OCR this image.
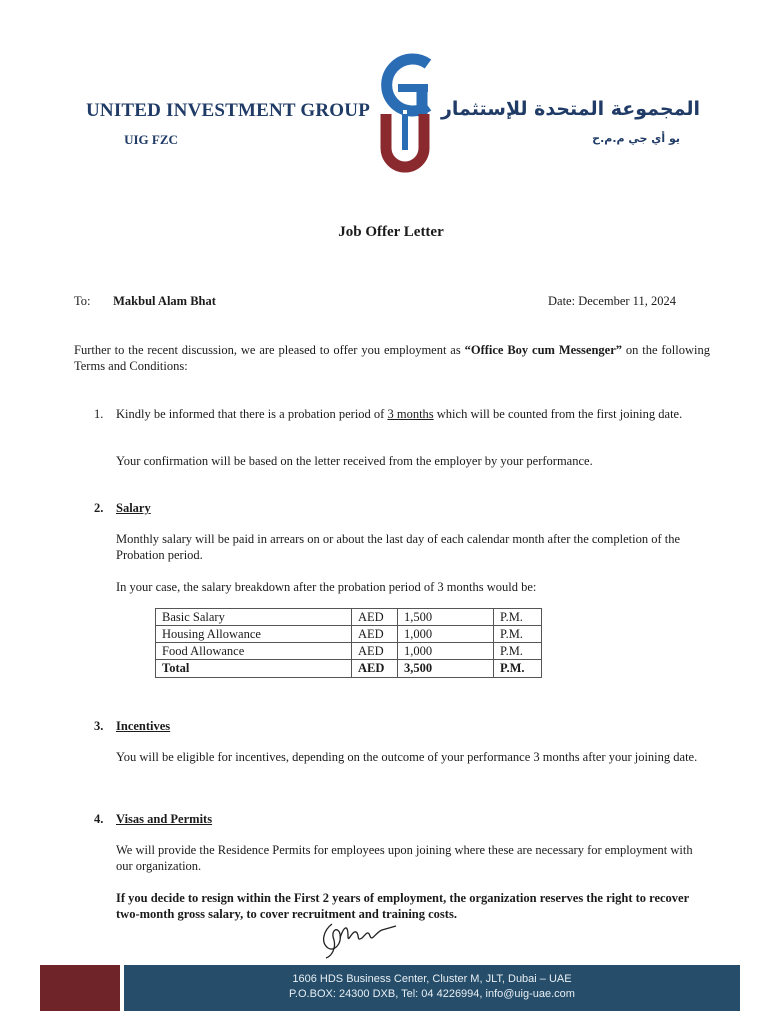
UNITED INVESTMENT GROUP
UIG FZC
المجموعة المتحدة للإستثمار
يو أي جي م.م.ح
Job Offer Letter
To: Makbul Alam Bhat	Date: December 11, 2024
Further to the recent discussion, we are pleased to offer you employment as “Office Boy cum Messenger” on the following Terms and Conditions:
1.	Kindly be informed that there is a probation period of 3 months which will be counted from the first joining date.
Your confirmation will be based on the letter received from the employer by your performance.
2.	Salary
Monthly salary will be paid in arrears on or about the last day of each calendar month after the completion of the Probation period.
In your case, the salary breakdown after the probation period of 3 months would be:
Basic Salary	AED	1,500	P.M.
Housing Allowance	AED	1,000	P.M.
Food Allowance	AED	1,000	P.M.
Total	AED	3,500	P.M.
3.	Incentives
You will be eligible for incentives, depending on the outcome of your performance 3 months after your joining date.
4.	Visas and Permits
We will provide the Residence Permits for employees upon joining where these are necessary for employment with our organization.
If you decide to resign within the First 2 years of employment, the organization reserves the right to recover two-month gross salary, to cover recruitment and training costs.
1606 HDS Business Center, Cluster M, JLT, Dubai – UAE
P.O.BOX: 24300 DXB, Tel: 04 4226994, info@uig-uae.com
